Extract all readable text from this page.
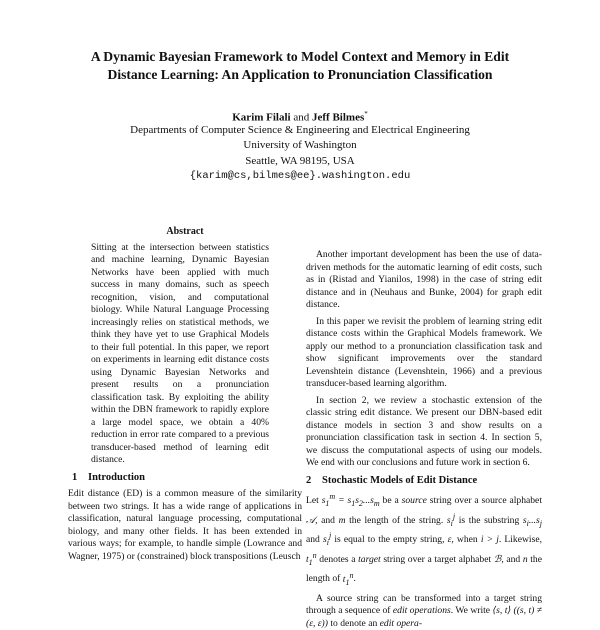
A Dynamic Bayesian Framework to Model Context and Memory in Edit
Distance Learning: An Application to Pronunciation Classification
Karim Filali and Jeff Bilmes*
Departments of Computer Science & Engineering and Electrical Engineering
University of Washington
Seattle, WA 98195, USA
{karim@cs,bilmes@ee}.washington.edu
Abstract

Sitting at the intersection between statistics and machine learning, Dynamic Bayesian Networks have been applied with much success in many domains, such as speech recognition, vision, and computational biology. While Natural Language Processing increasingly relies on statistical methods, we think they have yet to use Graphical Models to their full potential. In this paper, we report on experiments in learning edit distance costs using Dynamic Bayesian Networks and present results on a pronunciation classification task. By exploiting the ability within the DBN framework to rapidly explore a large model space, we obtain a 40% reduction in error rate compared to a previous transducer-based method of learning edit distance.

1 Introduction

Edit distance (ED) is a common measure of the similarity between two strings. It has a wide range of applications in classification, natural language processing, computational biology, and many other fields. It has been extended in various ways; for example, to handle simple (Lowrance and Wagner, 1975) or (constrained) block transpositions (Leusch

Another important development has been the use of data-driven methods for the automatic learning of edit costs, such as in (Ristad and Yianilos, 1998) in the case of string edit distance and in (Neuhaus and Bunke, 2004) for graph edit distance.

In this paper we revisit the problem of learning string edit distance costs within the Graphical Models framework. We apply our method to a pronunciation classification task and show significant improvements over the standard Levenshtein distance (Levenshtein, 1966) and a previous transducer-based learning algorithm.

In section 2, we review a stochastic extension of the classic string edit distance. We present our DBN-based edit distance models in section 3 and show results on a pronunciation classification task in section 4. In section 5, we discuss the computational aspects of using our models. We end with our conclusions and future work in section 6.

2 Stochastic Models of Edit Distance

Let $s_1^m = s_1s_2...s_m$ be a source string over a source alphabet 𝒜, and m the length of the string. $s_i^j$ is the substring $s_i...s_j$ and $s_i^j$ is equal to the empty string, ε, when i > j. Likewise, $t_1^n$ denotes a target string over a target alphabet ℬ, and n the length of $t_1^n$.

A source string can be transformed into a target string through a sequence of edit operations. We write ⟨s, t⟩ ((s, t) ≠ (ε, ε)) to denote an edit opera-
